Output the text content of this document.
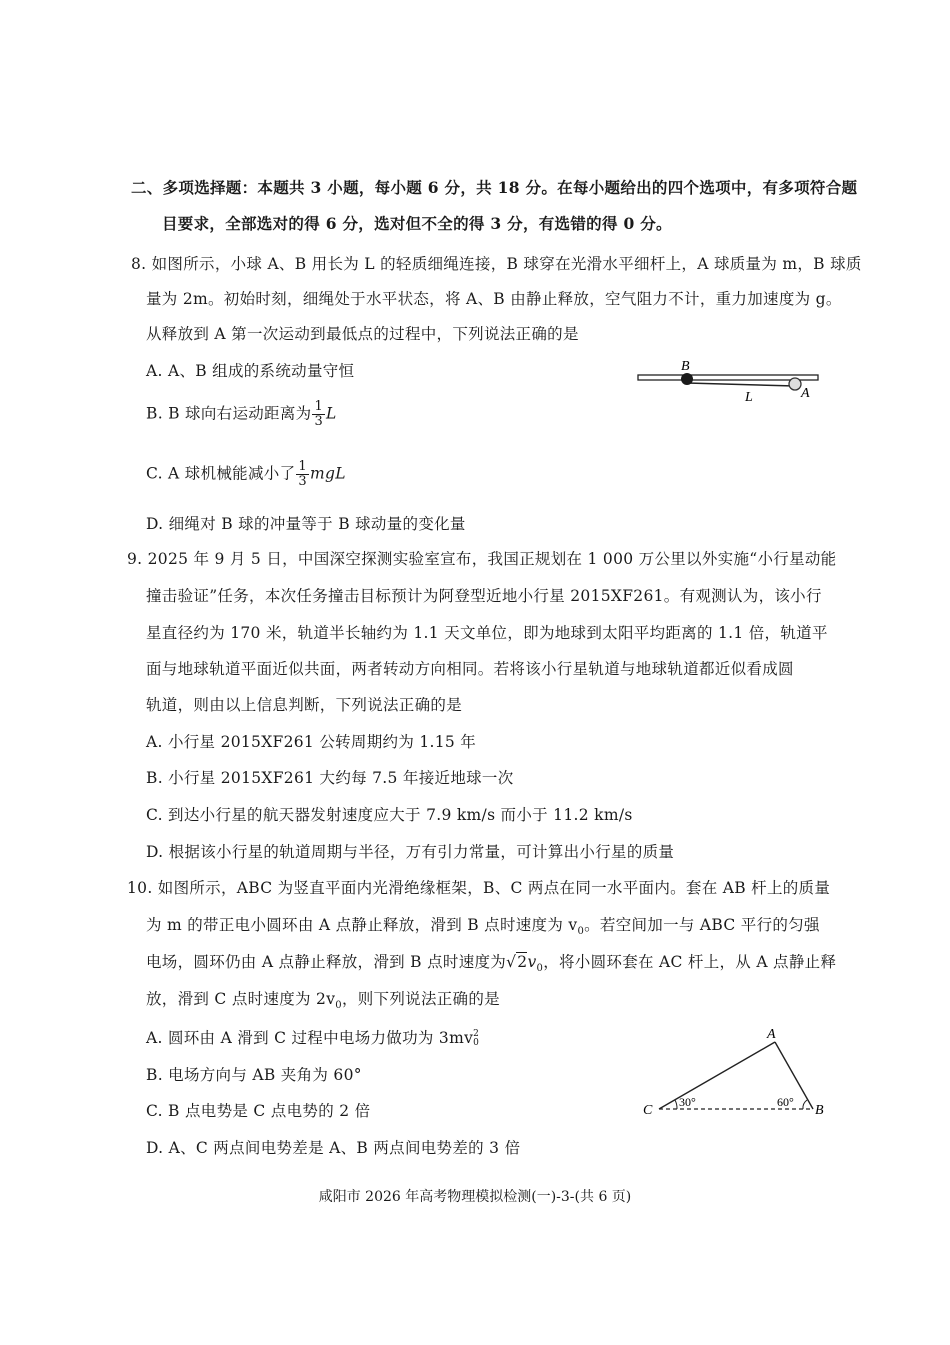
二、多项选择题：本题共 3 小题，每小题 6 分，共 18 分。在每小题给出的四个选项中，有多项符合题
目要求，全部选对的得 6 分，选对但不全的得 3 分，有选错的得 0 分。
8. 如图所示，小球 A、B 用长为 L 的轻质细绳连接，B 球穿在光滑水平细杆上，A 球质量为 m，B 球质
量为 2m。初始时刻，细绳处于水平状态，将 A、B 由静止释放，空气阻力不计，重力加速度为 g。
从释放到 A 第一次运动到最低点的过程中，下列说法正确的是
A. A、B 组成的系统动量守恒
B. B 球向右运动距离为 $\frac{1}{3}$ L
C. A 球机械能减小了 $\frac{1}{3}$ mgL
D. 细绳对 B 球的冲量等于 B 球动量的变化量
B
A
L
9. 2025 年 9 月 5 日，中国深空探测实验室宣布，我国正规划在 1 000 万公里以外实施“小行星动能
撞击验证”任务，本次任务撞击目标预计为阿登型近地小行星 2015XF261。有观测认为，该小行
星直径约为 170 米，轨道半长轴约为 1.1 天文单位，即为地球到太阳平均距离的 1.1 倍，轨道平
面与地球轨道平面近似共面，两者转动方向相同。若将该小行星轨道与地球轨道都近似看成圆
轨道，则由以上信息判断，下列说法正确的是
A. 小行星 2015XF261 公转周期约为 1.15 年
B. 小行星 2015XF261 大约每 7.5 年接近地球一次
C. 到达小行星的航天器发射速度应大于 7.9 km/s 而小于 11.2 km/s
D. 根据该小行星的轨道周期与半径，万有引力常量，可计算出小行星的质量
10. 如图所示，ABC 为竖直平面内光滑绝缘框架，B、C 两点在同一水平面内。套在 AB 杆上的质量
为 m 的带正电小圆环由 A 点静止释放，滑到 B 点时速度为 $v_0$。若空间加一与 ABC 平行的匀强
电场，圆环仍由 A 点静止释放，滑到 B 点时速度为$√2v_0$，将小圆环套在 AC 杆上，从 A 点静止释
放，滑到 C 点时速度为 $2v_0$，则下列说法正确的是
A. 圆环由 A 滑到 C 过程中电场力做功为 3mv 2
0
B. 电场方向与 AB 夹角为 60°
C. B 点电势是 C 点电势的 2 倍
D. A、C 两点间电势差是 A、B 两点间电势差的 3 倍
A
C	B
30°	60°
咸阳市 2026 年高考物理模拟检测(一)-3-(共 6 页)
